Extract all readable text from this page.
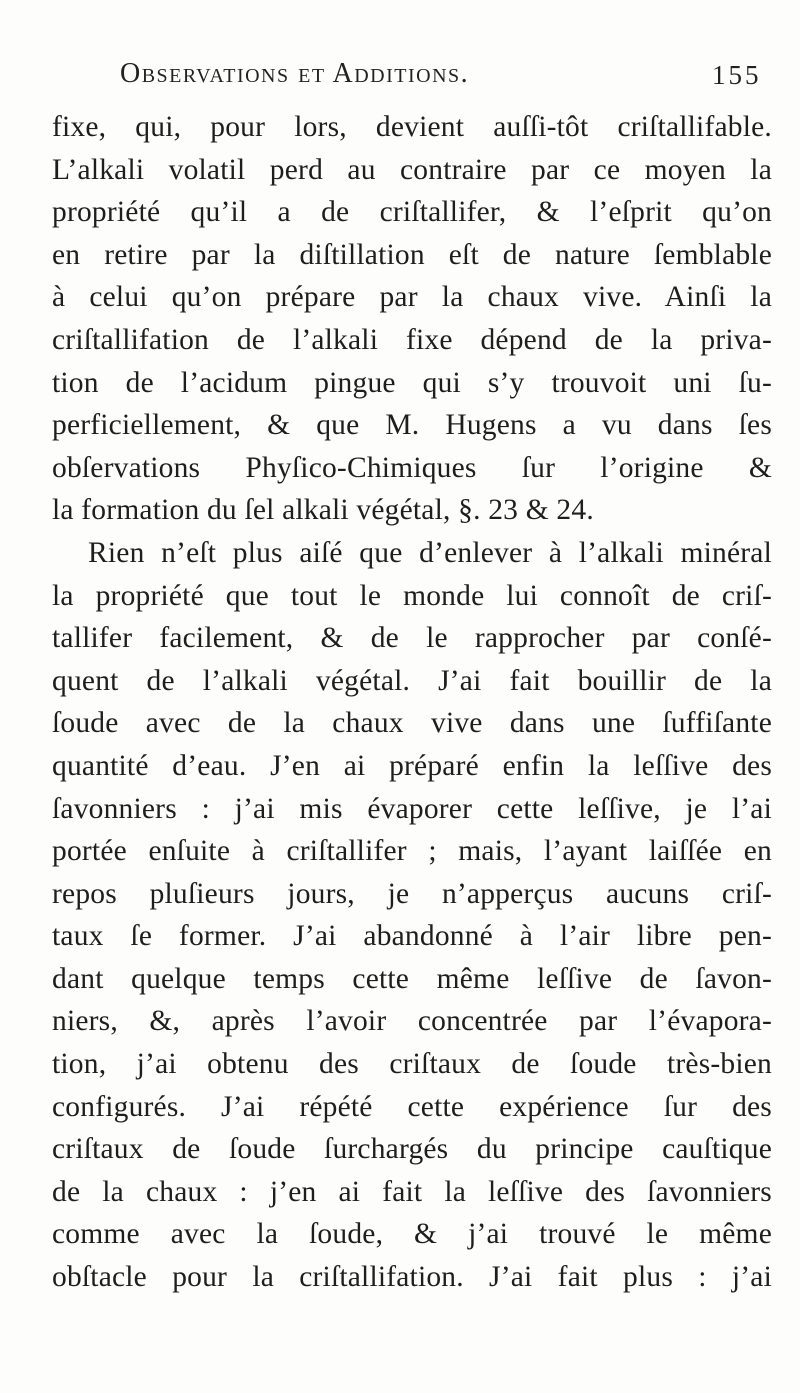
Observations et Additions.	155
fixe, qui, pour lors, devient auſſi-tôt criſtallifable.
L’alkali volatil perd au contraire par ce moyen la
propriété qu’il a de criſtallifer, & l’eſprit qu’on
en retire par la diſtillation eſt de nature ſemblable
à celui qu’on prépare par la chaux vive. Ainſi la
criſtallifation de l’alkali fixe dépend de la priva-
tion de l’acidum pingue qui s’y trouvoit uni ſu-
perficiellement, & que M. Hugens a vu dans ſes
obſervations Phyſico-Chimiques ſur l’origine &
la formation du ſel alkali végétal, §. 23 & 24.
Rien n’eſt plus aiſé que d’enlever à l’alkali minéral
la propriété que tout le monde lui connoît de criſ-
tallifer facilement, & de le rapprocher par conſé-
quent de l’alkali végétal. J’ai fait bouillir de la
ſoude avec de la chaux vive dans une ſuffiſante
quantité d’eau. J’en ai préparé enfin la leſſive des
ſavonniers : j’ai mis évaporer cette leſſive, je l’ai
portée enſuite à criſtallifer ; mais, l’ayant laiſſée en
repos pluſieurs jours, je n’apperçus aucuns criſ-
taux ſe former. J’ai abandonné à l’air libre pen-
dant quelque temps cette même leſſive de ſavon-
niers, &, après l’avoir concentrée par l’évapora-
tion, j’ai obtenu des criſtaux de ſoude très-bien
configurés. J’ai répété cette expérience ſur des
criſtaux de ſoude ſurchargés du principe cauſtique
de la chaux : j’en ai fait la leſſive des ſavonniers
comme avec la ſoude, & j’ai trouvé le même
obſtacle pour la criſtallifation. J’ai fait plus : j’ai
